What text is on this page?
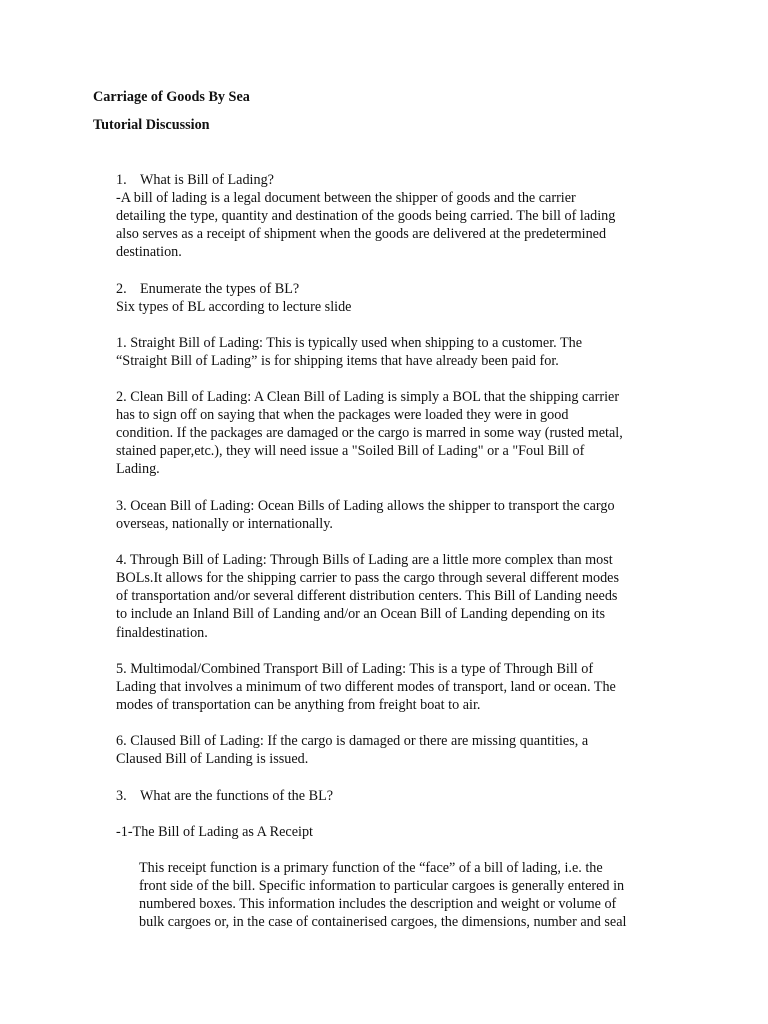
Carriage of Goods By Sea
Tutorial Discussion
1. What is Bill of Lading?
-A bill of lading is a legal document between the shipper of goods and the carrier
detailing the type, quantity and destination of the goods being carried. The bill of lading
also serves as a receipt of shipment when the goods are delivered at the predetermined
destination.
2. Enumerate the types of BL?
Six types of BL according to lecture slide
1. Straight Bill of Lading: This is typically used when shipping to a customer. The
“Straight Bill of Lading” is for shipping items that have already been paid for.
2. Clean Bill of Lading: A Clean Bill of Lading is simply a BOL that the shipping carrier
has to sign off on saying that when the packages were loaded they were in good
condition. If the packages are damaged or the cargo is marred in some way (rusted metal,
stained paper,etc.), they will need issue a "Soiled Bill of Lading" or a "Foul Bill of
Lading.
3. Ocean Bill of Lading: Ocean Bills of Lading allows the shipper to transport the cargo
overseas, nationally or internationally.
4. Through Bill of Lading: Through Bills of Lading are a little more complex than most
BOLs.It allows for the shipping carrier to pass the cargo through several different modes
of transportation and/or several different distribution centers. This Bill of Landing needs
to include an Inland Bill of Landing and/or an Ocean Bill of Landing depending on its
finaldestination.
5. Multimodal/Combined Transport Bill of Lading: This is a type of Through Bill of
Lading that involves a minimum of two different modes of transport, land or ocean. The
modes of transportation can be anything from freight boat to air.
6. Claused Bill of Lading: If the cargo is damaged or there are missing quantities, a
Claused Bill of Landing is issued.
3. What are the functions of the BL?
-1-The Bill of Lading as A Receipt
This receipt function is a primary function of the “face” of a bill of lading, i.e. the
front side of the bill. Specific information to particular cargoes is generally entered in
numbered boxes. This information includes the description and weight or volume of
bulk cargoes or, in the case of containerised cargoes, the dimensions, number and seal
